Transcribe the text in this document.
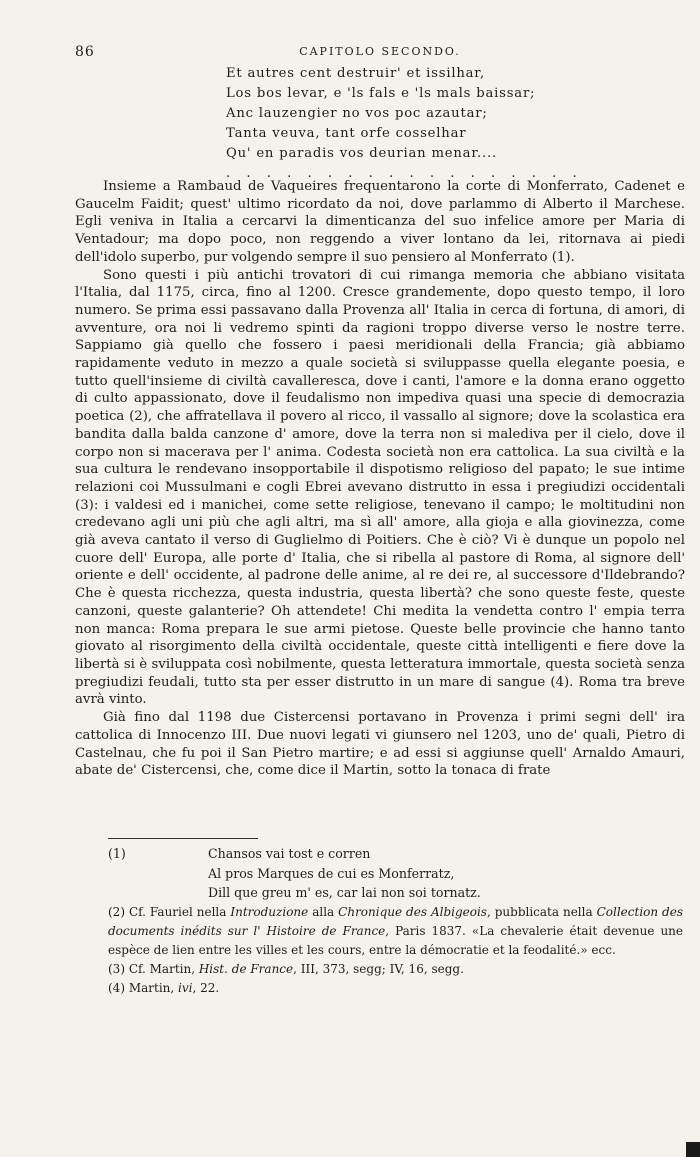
86	CAPITOLO SECONDO.
Et autres cent destruir' et issilhar,
Los bos levar, e 'ls fals e 'ls mals baissar;
Anc lauzengier no vos poc azautar;
Tanta veuva, tant orfe cosselhar
Qu' en paradis vos deurian menar....
. . . . . . . . . . . . . . . . . .

Insieme a Rambaud de Vaqueires frequentarono la corte di Monferrato, Cadenet e Gaucelm Faidit; quest' ultimo ricordato da noi, dove parlammo di Alberto il Marchese. Egli veniva in Italia a cercarvi la dimenticanza del suo infelice amore per Maria di Ventadour; ma dopo poco, non reggendo a viver lontano da lei, ritornava ai piedi dell'idolo superbo, pur volgendo sempre il suo pensiero al Monferrato (1).

Sono questi i più antichi trovatori di cui rimanga memoria che abbiano visitata l'Italia, dal 1175, circa, fino al 1200. Cresce grandemente, dopo questo tempo, il loro numero. Se prima essi passavano dalla Provenza all' Italia in cerca di fortuna, di amori, di avventure, ora noi li vedremo spinti da ragioni troppo diverse verso le nostre terre. Sappiamo già quello che fossero i paesi meridionali della Francia; già abbiamo rapidamente veduto in mezzo a quale società si sviluppasse quella elegante poesia, e tutto quell'insieme di civiltà cavalleresca, dove i canti, l'amore e la donna erano oggetto di culto appassionato, dove il feudalismo non impediva quasi una specie di democrazia poetica (2), che affratellava il povero al ricco, il vassallo al signore; dove la scolastica era bandita dalla balda canzone d' amore, dove la terra non si malediva per il cielo, dove il corpo non si macerava per l' anima. Codesta società non era cattolica. La sua civiltà e la sua cultura le rendevano insopportabile il dispotismo religioso del papato; le sue intime relazioni coi Mussulmani e cogli Ebrei avevano distrutto in essa i pregiudizi occidentali (3): i valdesi ed i manichei, come sette religiose, tenevano il campo; le moltitudini non credevano agli uni più che agli altri, ma sì all' amore, alla gioja e alla giovinezza, come già aveva cantato il verso di Guglielmo di Poitiers. Che è ciò? Vi è dunque un popolo nel cuore dell' Europa, alle porte d' Italia, che si ribella al pastore di Roma, al signore dell' oriente e dell' occidente, al padrone delle anime, al re dei re, al successore d'Ildebrando? Che è questa ricchezza, questa industria, questa libertà? che sono queste feste, queste canzoni, queste galanterie? Oh attendete! Chi medita la vendetta contro l' empia terra non manca: Roma prepara le sue armi pietose. Queste belle provincie che hanno tanto giovato al risorgimento della civiltà occidentale, queste città intelligenti e fiere dove la libertà si è sviluppata così nobilmente, questa letteratura immortale, questa società senza pregiudizi feudali, tutto sta per esser distrutto in un mare di sangue (4). Roma tra breve avrà vinto.

Già fino dal 1198 due Cistercensi portavano in Provenza i primi segni dell' ira cattolica di Innocenzo III. Due nuovi legati vi giunsero nel 1203, uno de' quali, Pietro di Castelnau, che fu poi il San Pietro martire; e ad essi si aggiunse quell' Arnaldo Amauri, abate de' Cistercensi, che, come dice il Martin, sotto la tonaca di frate

(1)	Chansos vai tost e corren
Al pros Marques de cui es Monferratz,
Dill que greu m' es, car lai non soi tornatz.

(2) Cf. Fauriel nella Introduzione alla Chronique des Albigeois, pubblicata nella Collection des documents inédits sur l' Histoire de France, Paris 1837. «La chevalerie était devenue une espèce de lien entre les villes et les cours, entre la démocratie et la feodalité.» ecc.

(3) Cf. Martin, Hist. de France, III, 373, segg; IV, 16, segg.

(4) Martin, ivi, 22.
